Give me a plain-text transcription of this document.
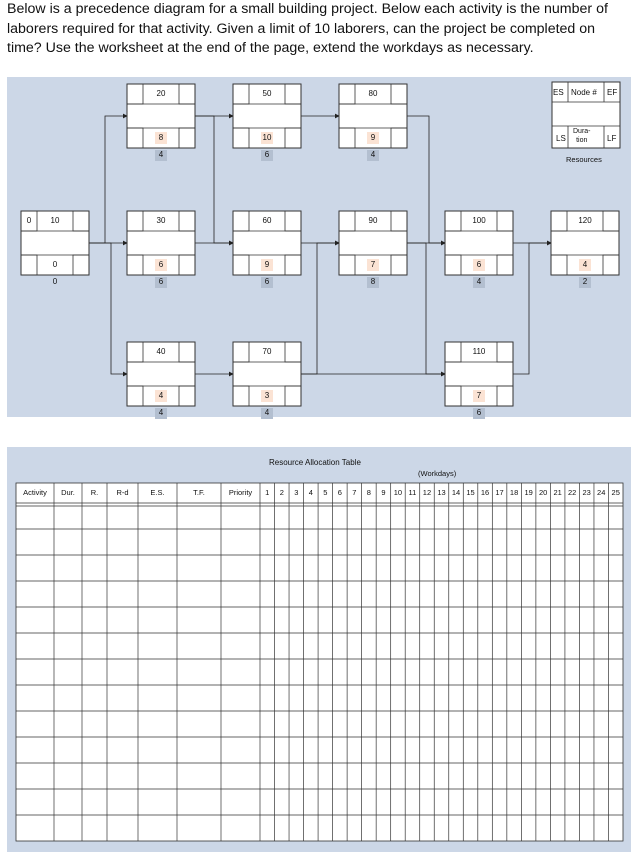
Below is a precedence diagram for a small building project. Below each activity is the number of laborers required for that activity. Given a limit of 10 laborers, can the project be completed on time? Use the worksheet at the end of the page, extend the workdays as necessary.
10
0
0
0
20
8
4
30
6
6
40
4
4
50
10
6
60
9
6
70
3
4
80
9
4
90
7
8
100
6
4
110
7
6
120
4
2
ES Node # EF
LS
Dura-
tion	LF
Resources
Resource Allocation Table
(Workdays)
Activity	Dur.	R.	R-d	E.S.	T.F.	Priority	1	2	3	4	5	6	7	8	9	10 11 12 13 14 15 16 17 18 19 20 21 22 23 24 25
